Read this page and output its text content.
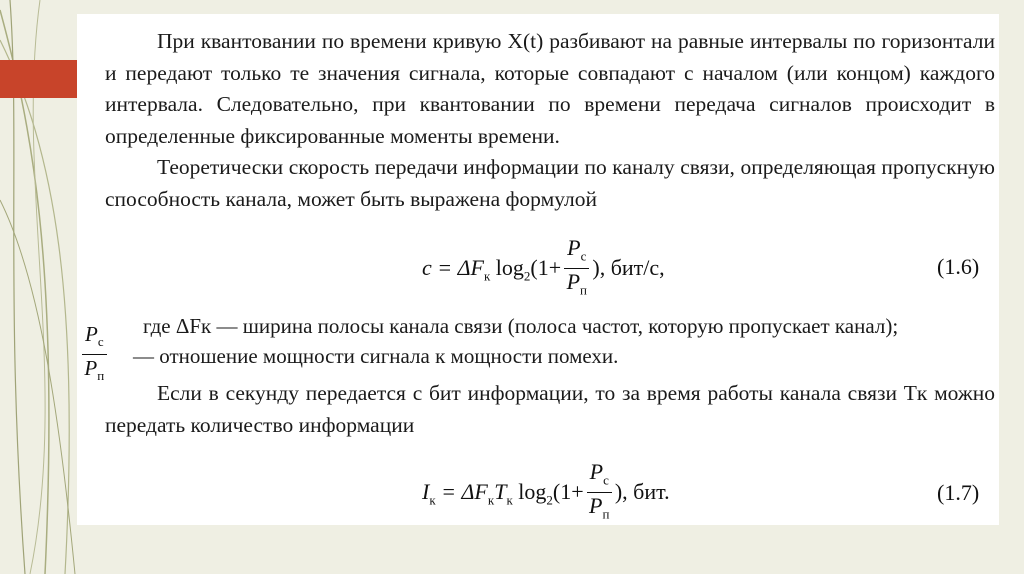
При квантовании по времени кривую X(t) разбивают на равные интервалы по горизонтали и передают только те значения сигнала, которые совпадают с началом (или концом) каждого интервала. Следовательно, при квантовании по времени передача сигналов происходит в определенные фиксированные моменты времени.

Теоретически скорость передачи информации по каналу связи, определяющая пропускную способность канала, может быть выражена формулой

$c = \Delta F_к$ $\log_2(1+ \frac{P_с}{P_п}$ ), бит/с,	(1.6)
где ΔFк — ширина полосы канала связи (полоса частот, которую пропускает канал);
$\frac{P_с}{P_п}$ — отношение мощности сигнала к мощности помехи.

Если в секунду передается c бит информации, то за время работы канала связи Tк можно передать количество информации

$I_к = \Delta F_кT_к$ $\log_2(1+ \frac{P_с}{P_п}$ ), бит.	(1.7)
